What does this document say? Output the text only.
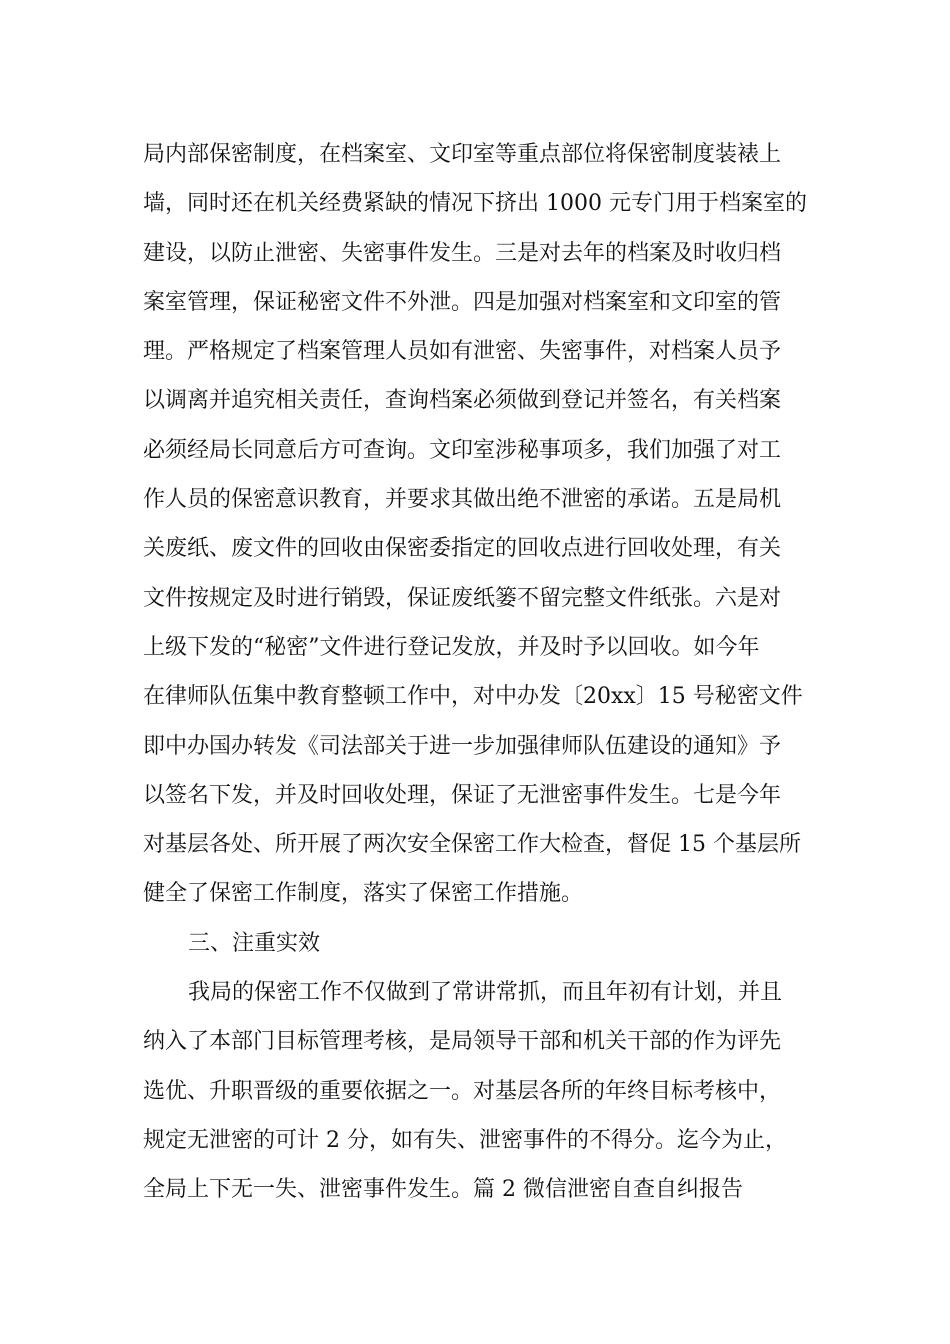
局内部保密制度，在档案室、文印室等重点部位将保密制度装裱上
墙，同时还在机关经费紧缺的情况下挤出 1000 元专门用于档案室的
建设，以防止泄密、失密事件发生。三是对去年的档案及时收归档
案室管理，保证秘密文件不外泄。四是加强对档案室和文印室的管
理。严格规定了档案管理人员如有泄密、失密事件，对档案人员予
以调离并追究相关责任，查询档案必须做到登记并签名，有关档案
必须经局长同意后方可查询。文印室涉秘事项多，我们加强了对工
作人员的保密意识教育，并要求其做出绝不泄密的承诺。五是局机
关废纸、废文件的回收由保密委指定的回收点进行回收处理，有关
文件按规定及时进行销毁，保证废纸篓不留完整文件纸张。六是对
上级下发的“秘密”文件进行登记发放，并及时予以回收。如今年
在律师队伍集中教育整顿工作中，对中办发〔20xx〕15 号秘密文件
即中办国办转发《司法部关于进一步加强律师队伍建设的通知》予
以签名下发，并及时回收处理，保证了无泄密事件发生。七是今年
对基层各处、所开展了两次安全保密工作大检查，督促 15 个基层所
健全了保密工作制度，落实了保密工作措施。
三、注重实效
我局的保密工作不仅做到了常讲常抓，而且年初有计划，并且
纳入了本部门目标管理考核，是局领导干部和机关干部的作为评先
选优、升职晋级的重要依据之一。对基层各所的年终目标考核中，
规定无泄密的可计 2 分，如有失、泄密事件的不得分。迄今为止，
全局上下无一失、泄密事件发生。篇 2 微信泄密自查自纠报告
